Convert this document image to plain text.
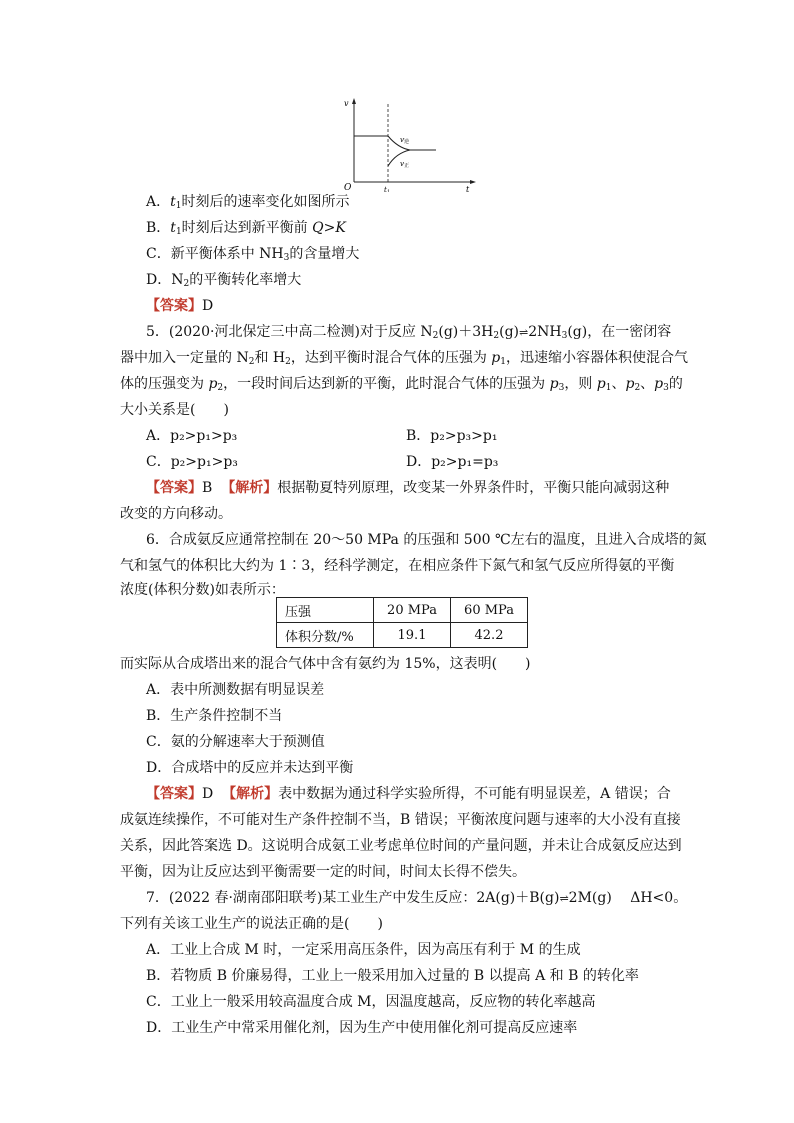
v
t
O	t1
v逆
v正
A．$t_1$时刻后的速率变化如图所示
B．$t_1$时刻后达到新平衡前 Q>K
C．新平衡体系中 $NH_3$的含量增大
D．$N_2$的平衡转化率增大
【答案】D
5．(2020·河北保定三中高二检测)对于反应 $N_2(g)+3H_2(g)\rightleftharpoons 2NH_3(g)$，在一密闭容
器中加入一定量的 $N_2$和 $H_2$，达到平衡时混合气体的压强为 $p_1$，迅速缩小容器体积使混合气
体的压强变为 $p_2$，一段时间后达到新的平衡，此时混合气体的压强为 $p_3$，则 $p_1$、$p_2$、$p_3$的
大小关系是(　　)
A．p₂>p₁>p₃	B．p₂>p₃>p₁
C．p₂>p₁>p₃	D．p₂>p₁=p₃
【答案】B 【解析】根据勒夏特列原理，改变某一外界条件时，平衡只能向减弱这种
改变的方向移动。
6．合成氨反应通常控制在 20～50 MPa 的压强和 500 ℃左右的温度，且进入合成塔的氮
气和氢气的体积比大约为 1∶3，经科学测定，在相应条件下氮气和氢气反应所得氨的平衡
浓度(体积分数)如表所示：
压强	20 MPa	60 MPa
体积分数/%	19.1	42.2
而实际从合成塔出来的混合气体中含有氨约为 15%，这表明(　　)
A．表中所测数据有明显误差
B．生产条件控制不当
C．氨的分解速率大于预测值
D．合成塔中的反应并未达到平衡
【答案】D 【解析】表中数据为通过科学实验所得，不可能有明显误差，A 错误；合
成氨连续操作，不可能对生产条件控制不当，B 错误；平衡浓度问题与速率的大小没有直接
关系，因此答案选 D。这说明合成氨工业考虑单位时间的产量问题，并未让合成氨反应达到
平衡，因为让反应达到平衡需要一定的时间，时间太长得不偿失。
7．(2022 春·湖南邵阳联考)某工业生产中发生反应：2A(g)＋B(g)⇌2M(g)　 ΔH<0。
下列有关该工业生产的说法正确的是(　　)
A．工业上合成 M 时，一定采用高压条件，因为高压有利于 M 的生成
B．若物质 B 价廉易得，工业上一般采用加入过量的 B 以提高 A 和 B 的转化率
C．工业上一般采用较高温度合成 M，因温度越高，反应物的转化率越高
D．工业生产中常采用催化剂，因为生产中使用催化剂可提高反应速率
